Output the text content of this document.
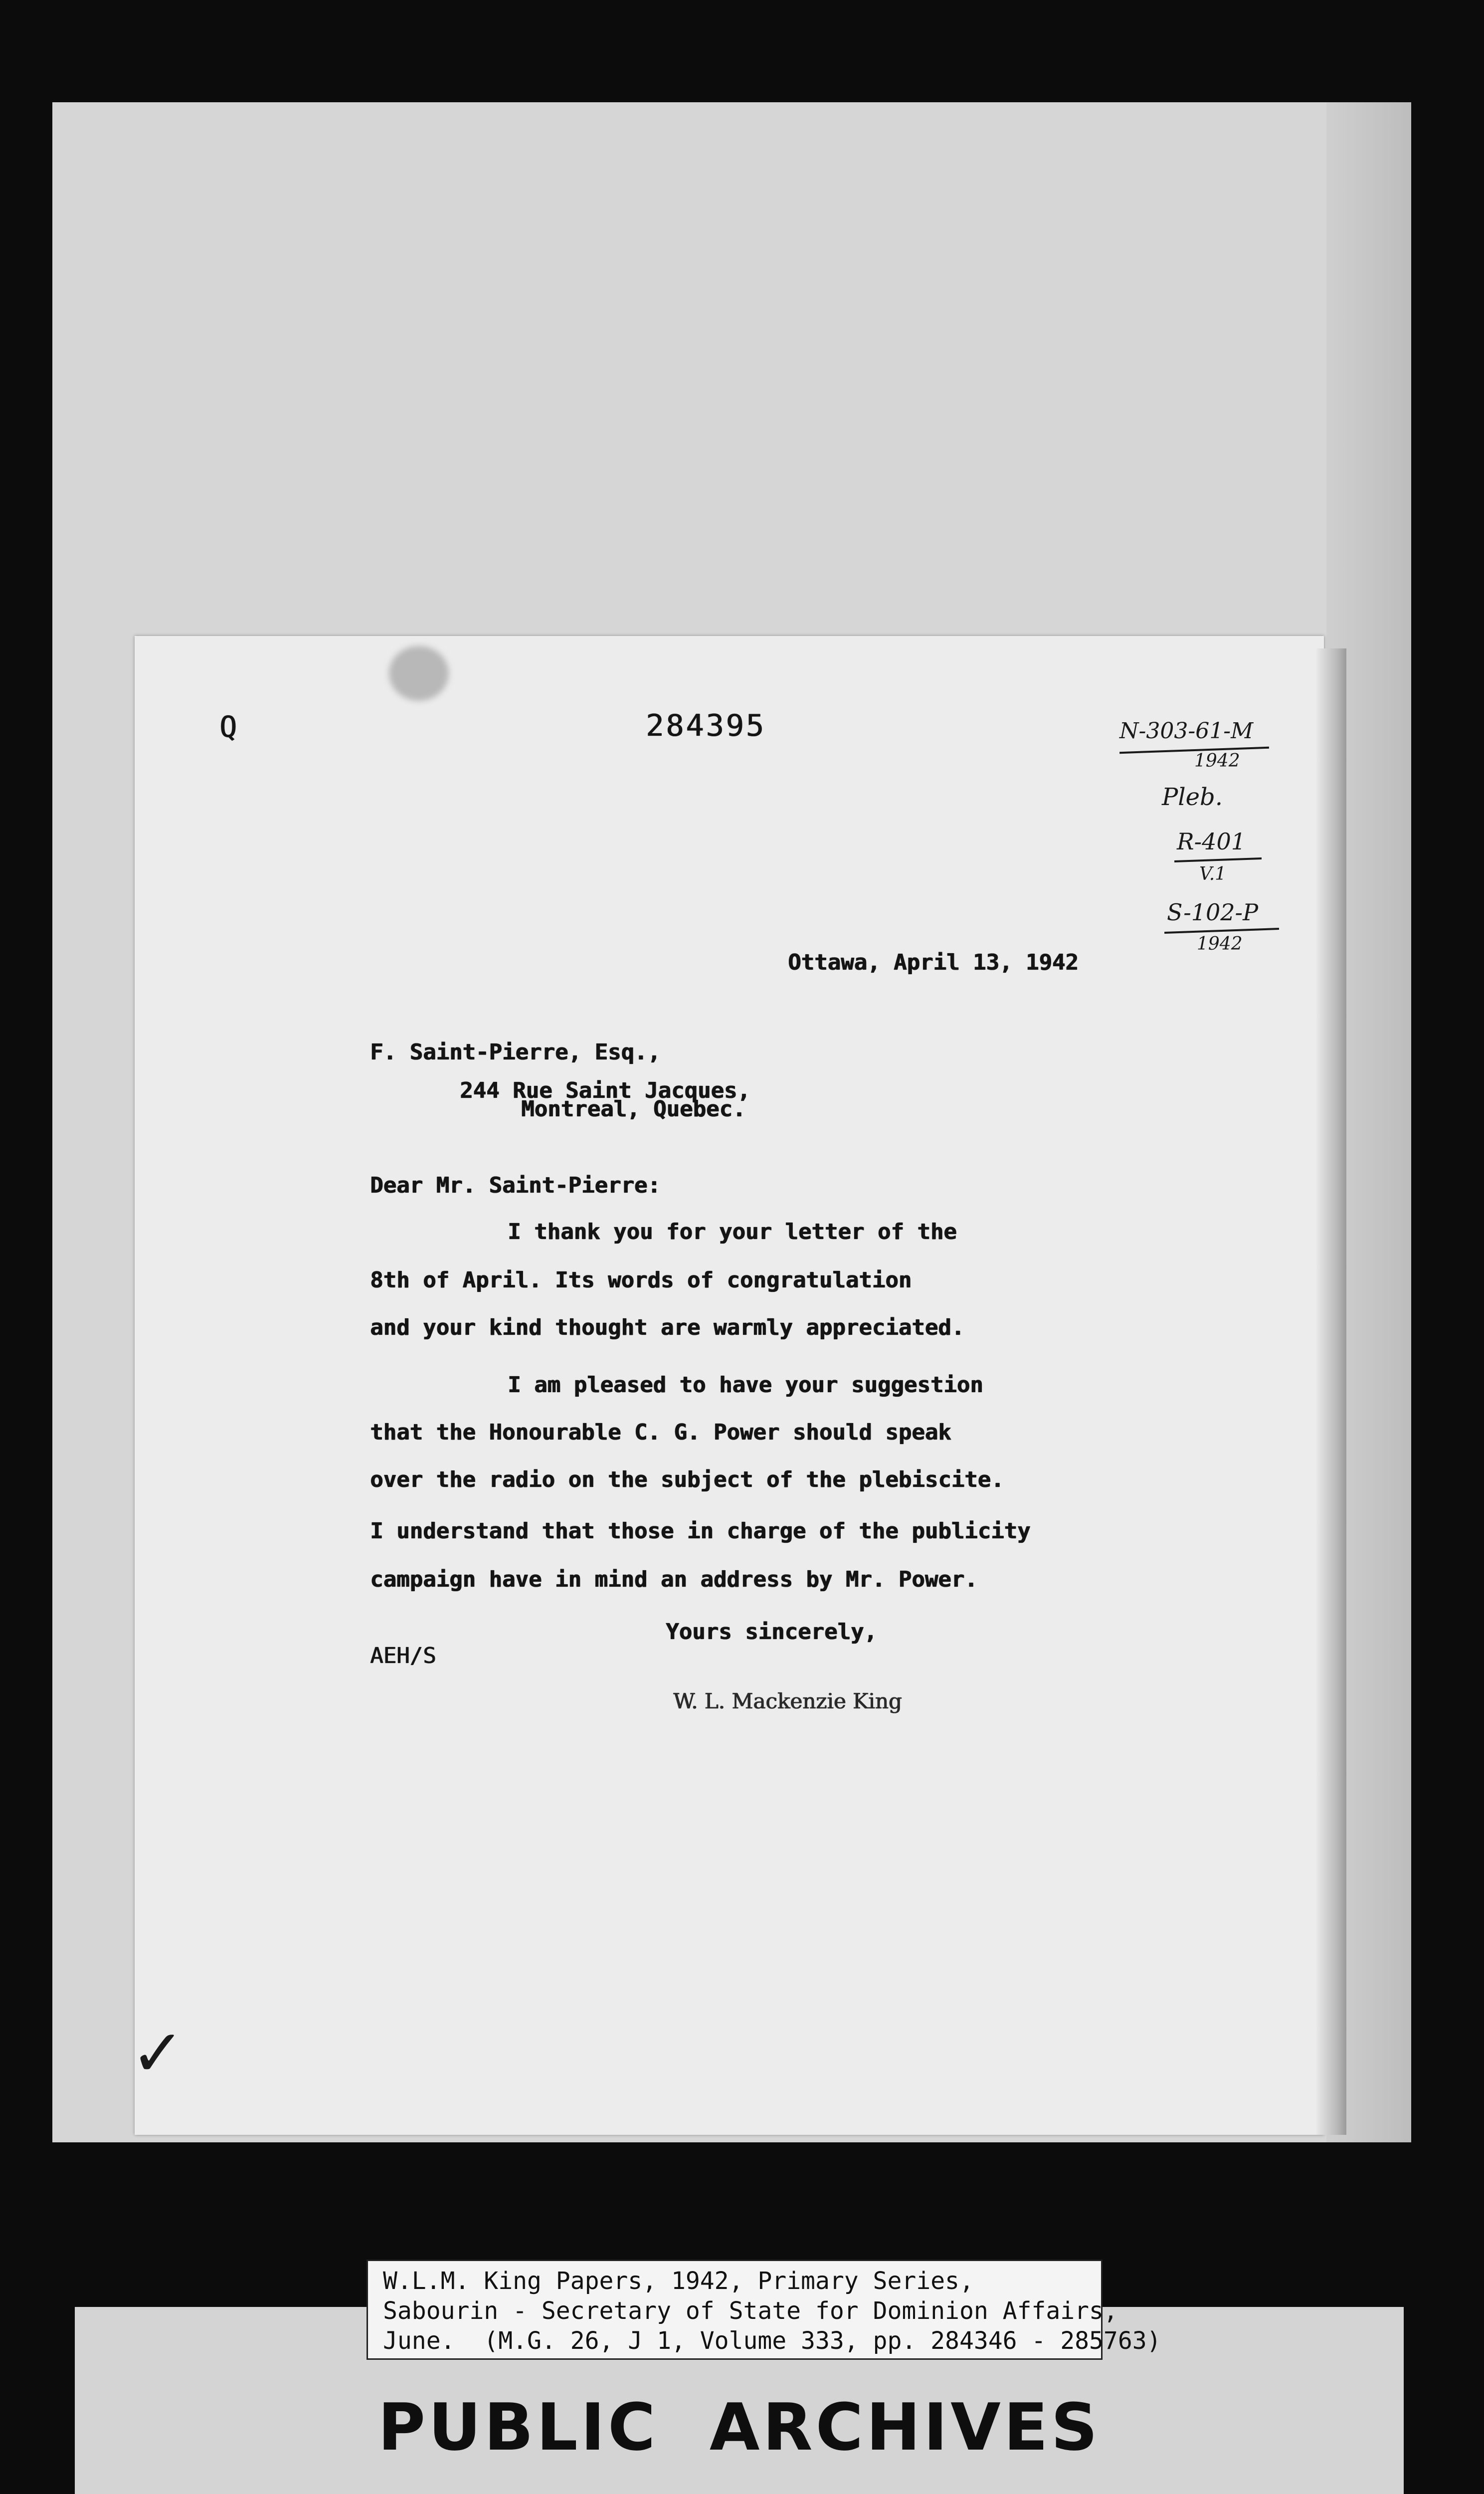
Q	284395	N-303-61-M
1942
Pleb.
R-401
V.1
S-102-P
1942
Ottawa, April 13, 1942
F. Saint-Pierre, Esq.,
244 Rue Saint Jacques,
Montreal, Quebec.
Dear Mr. Saint-Pierre:
I thank you for your letter of the
8th of April. Its words of congratulation
and your kind thought are warmly appreciated.
I am pleased to have your suggestion
that the Honourable C. G. Power should speak
over the radio on the subject of the plebiscite.
I understand that those in charge of the publicity
campaign have in mind an address by Mr. Power.
Yours sincerely,
AEH/S
W. L. Mackenzie King
✓
PUBLIC  ARCHIVES
W.L.M. King Papers, 1942, Primary Series,
Sabourin - Secretary of State for Dominion Affairs,
June.  (M.G. 26, J 1, Volume 333, pp. 284346 - 285763)
